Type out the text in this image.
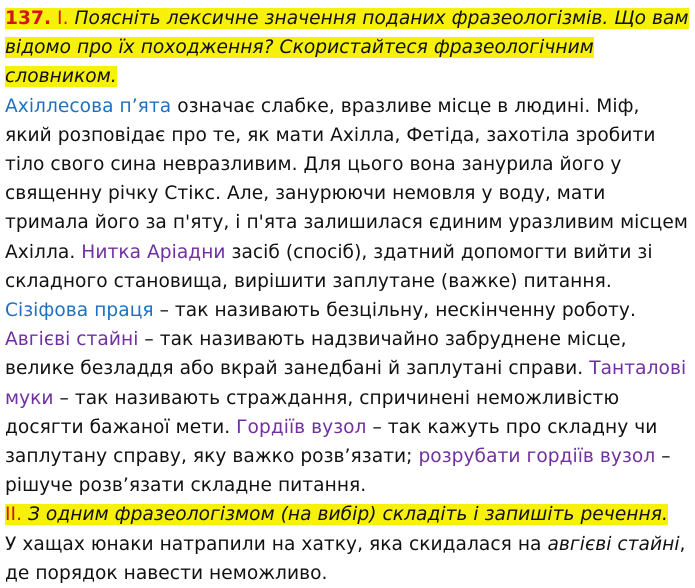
137. І. Поясніть лексичне значення поданих фразеологізмів. Що вам відомо про їх походження? Скористайтеся фразеологічним словником.

Ахіллесова п’ята означає слабке, вразливе місце в людині. Міф, який розповідає про те, як мати Ахілла, Фетіда, захотіла зробити тіло свого сина невразливим. Для цього вона занурила його у священну річку Стікс. Але, занурюючи немовля у воду, мати тримала його за п'яту, і п'ята залишилася єдиним уразливим місцем Ахілла. Нитка Аріадни засіб (спосіб), здатний допомогти вийти зі складного становища, вирішити заплутане (важке) питання.

Сізіфова праця – так називають безцільну, нескінченну роботу.

Авгієві стайні – так називають надзвичайно забруднене місце, велике безладдя або вкрай занедбані й заплутані справи. Танталові муки – так називають страждання, спричинені неможливістю досягти бажаної мети. Гордіїв вузол – так кажуть про складну чи заплутану справу, яку важко розв’язати; розрубати гордіїв вузол – рішуче розв’язати складне питання.

ІІ. З одним фразеологізмом (на вибір) складіть і запишіть речення.

У хащах юнаки натрапили на хатку, яка скидалася на авгієві стайні, де порядок навести неможливо.
